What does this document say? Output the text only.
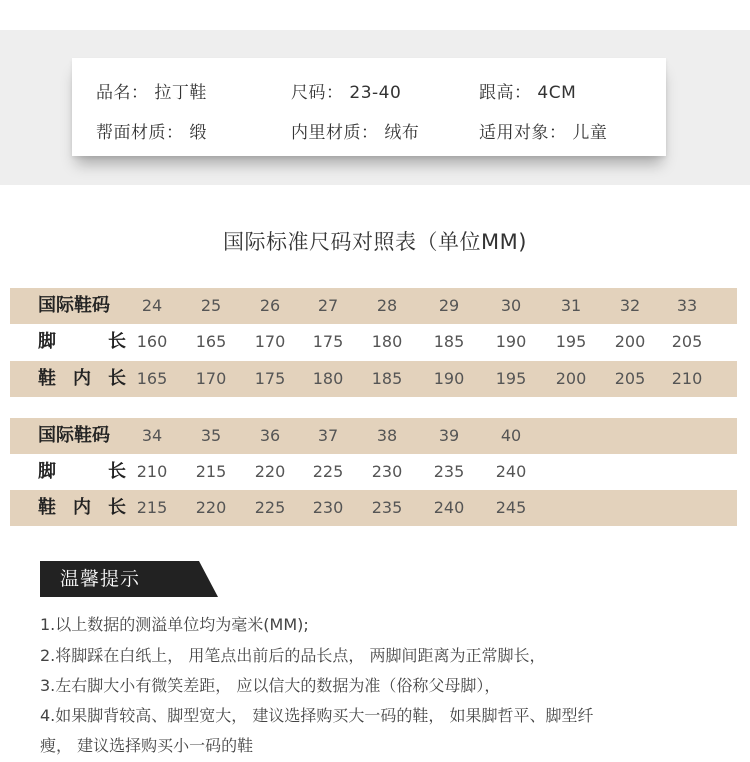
品名： 拉丁鞋	尺码： 23-40	跟高： 4CM
帮面材质： 缎	内里材质： 绒布	适用对象： 儿童
国际标准尺码对照表（单位MM)
国际鞋码	24	25	26	27	28	29	30	31	32	33
脚长 160	165	170	175	180	185	190	195	200	205
鞋内长 165	170	175	180	185	190	195	200	205	210
国际鞋码	34	35	36	37	38	39	40
脚长 210	215	220	225	230	235	240
鞋内长 215	220	225	230	235	240	245
温馨提示
1.以上数据的测溢单位均为毫米(MM);
2.将脚踩在白纸上， 用笔点出前后的品长点， 两脚间距离为正常脚长，
3.左右脚大小有微笑差距， 应以信大的数据为准（俗称父母脚），
4.如果脚背较高、脚型宽大， 建议选择购买大一码的鞋， 如果脚哲平、脚型纤
瘦， 建议选择购买小一码的鞋
